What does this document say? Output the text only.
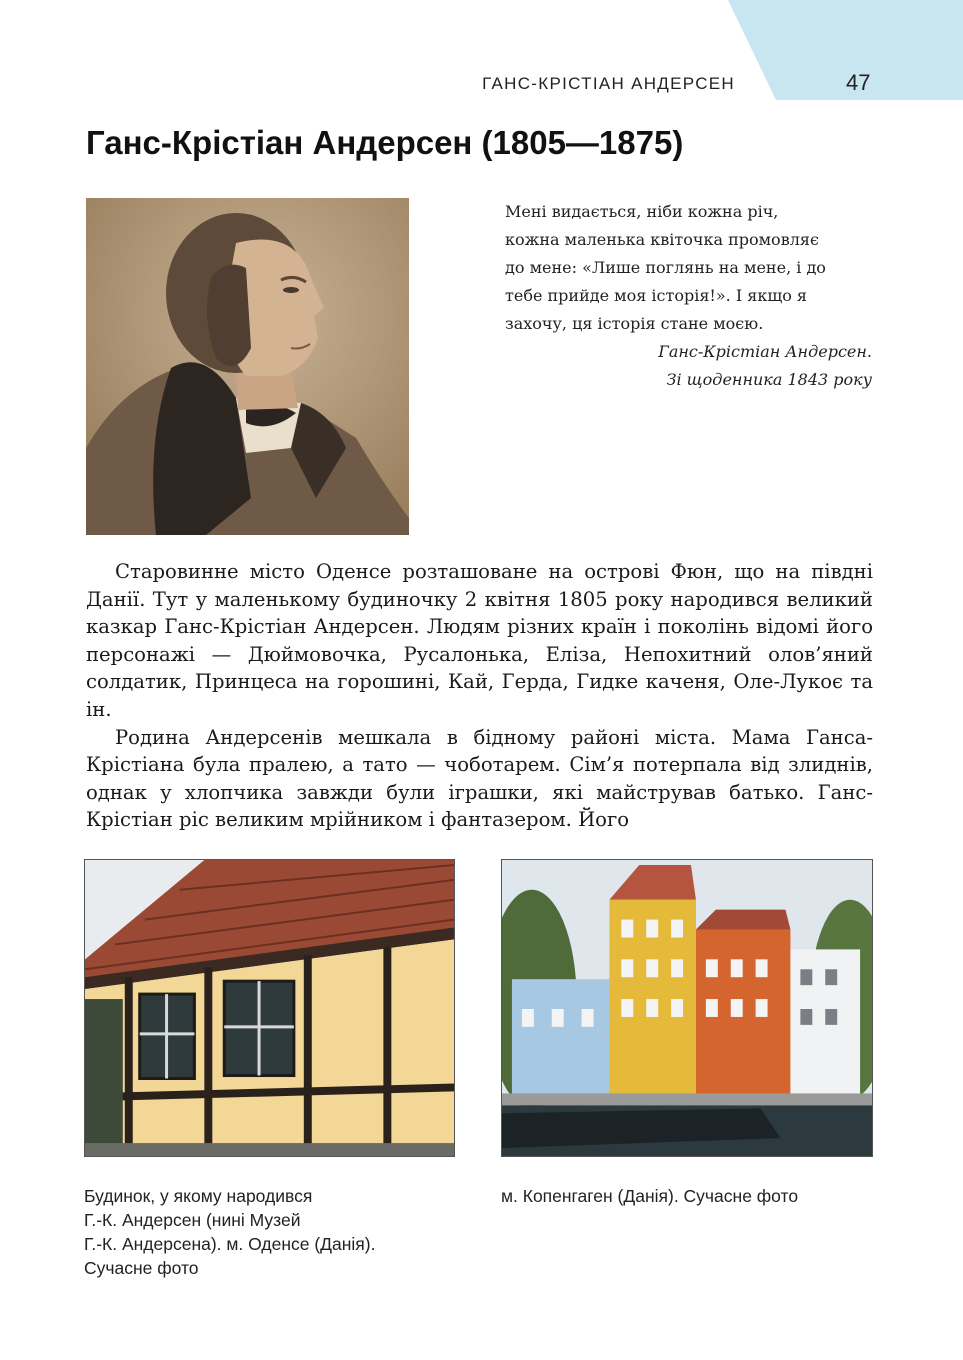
ГАНС-КРІСТІАН АНДЕРСЕН	47
Ганс-Крістіан Андерсен (1805—1875)

Мені видається, ніби кожна річ,

кожна маленька квіточка промовляє

до мене: «Лише поглянь на мене, і до

тебе прийде моя історія!». І якщо я

захочу, ця історія стане моєю.

Ганс-Крістіан Андерсен.

Зі щоденника 1843 року

Старовинне місто Оденсе розташоване на острові Фюн, що на півдні Данії. Тут у маленькому будиночку 2 квітня 1805 року народився великий казкар Ганс-Крістіан Андерсен. Людям різних країн і поколінь відомі його персонажі — Дюймовочка, Русалонька, Еліза, Непохитний олов’яний солдатик, Принцеса на горошині, Кай, Герда, Гидке каченя, Оле-Лукоє та ін.

Родина Андерсенів мешкала в бідному районі міста. Мама Ганса-Крістіана була пралею, а тато — чоботарем. Сім’я потерпала від злиднів, однак у хлопчика завжди були іграшки, які майстрував батько. Ганс-Крістіан ріс великим мрійником і фантазером. Його

Будинок, у якому народився
Г.-К. Андерсен (нині Музей
Г.-К. Андерсена). м. Оденсе (Данія).
Сучасне фото
м. Копенгаген (Данія). Сучасне фото
